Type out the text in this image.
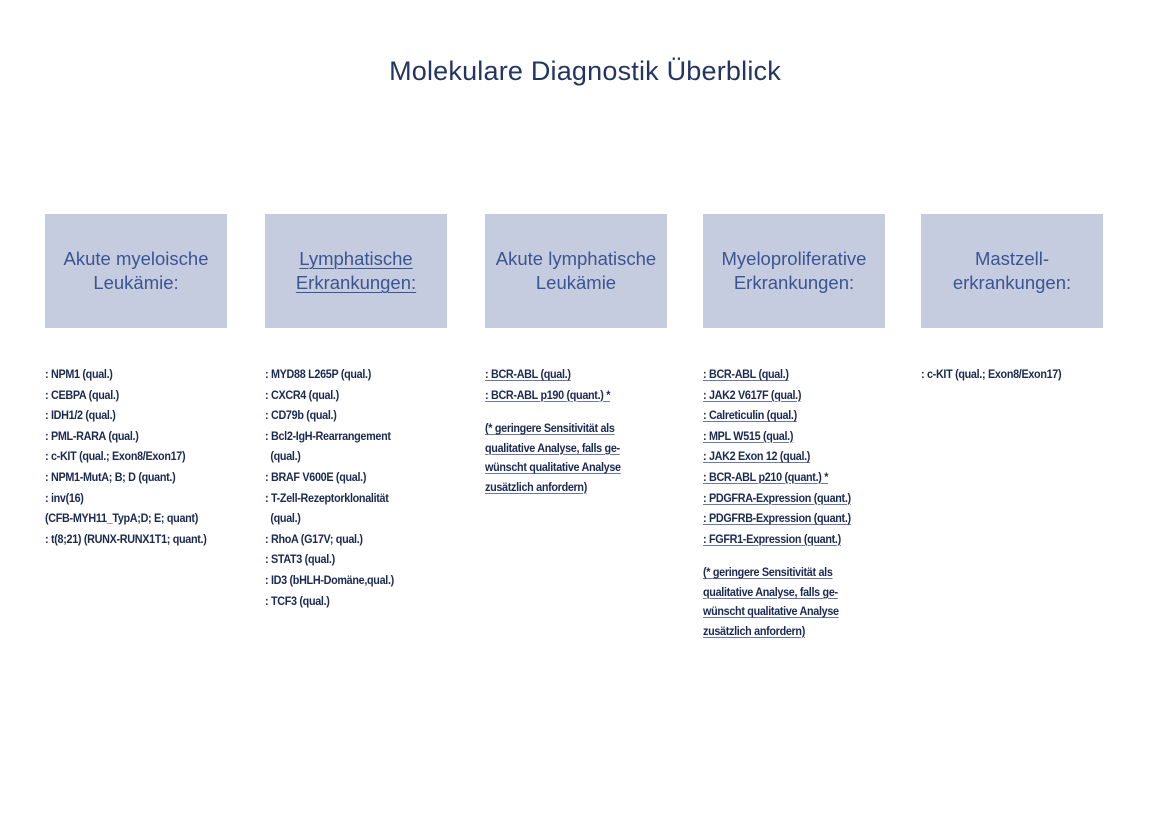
Molekulare Diagnostik Überblick
Akute myeloische
Leukämie:
: NPM1 (qual.)
: CEBPA (qual.)
: IDH1/2 (qual.)
: PML-RARA (qual.)
: c-KIT (qual.; Exon8/Exon17)
: NPM1-MutA; B; D (quant.)
: inv(16)
(CFB-MYH11_TypA;D; E; quant)
: t(8;21) (RUNX-RUNX1T1; quant.)
Lymphatische
Erkrankungen:
: MYD88 L265P (qual.)
: CXCR4 (qual.)
: CD79b (qual.)
: Bcl2-IgH-Rearrangement
(qual.)
: BRAF V600E (qual.)
: T-Zell-Rezeptorklonalität
(qual.)
: RhoA (G17V; qual.)
: STAT3 (qual.)
: ID3 (bHLH-Domäne,qual.)
: TCF3 (qual.)
Akute lymphatische
Leukämie
: BCR-ABL (qual.)
: BCR-ABL p190 (quant.) *
(* geringere Sensitivität als
qualitative Analyse, falls ge-
wünscht qualitative Analyse
zusätzlich anfordern)
Myeloproliferative
Erkrankungen:
: BCR-ABL (qual.)
: JAK2 V617F (qual.)
: Calreticulin (qual.)
: MPL W515 (qual.)
: JAK2 Exon 12 (qual.)
: BCR-ABL p210 (quant.) *
: PDGFRA-Expression (quant.)
: PDGFRB-Expression (quant.)
: FGFR1-Expression (quant.)
(* geringere Sensitivität als
qualitative Analyse, falls ge-
wünscht qualitative Analyse
zusätzlich anfordern)
Mastzell-
erkrankungen:
: c-KIT (qual.; Exon8/Exon17)
